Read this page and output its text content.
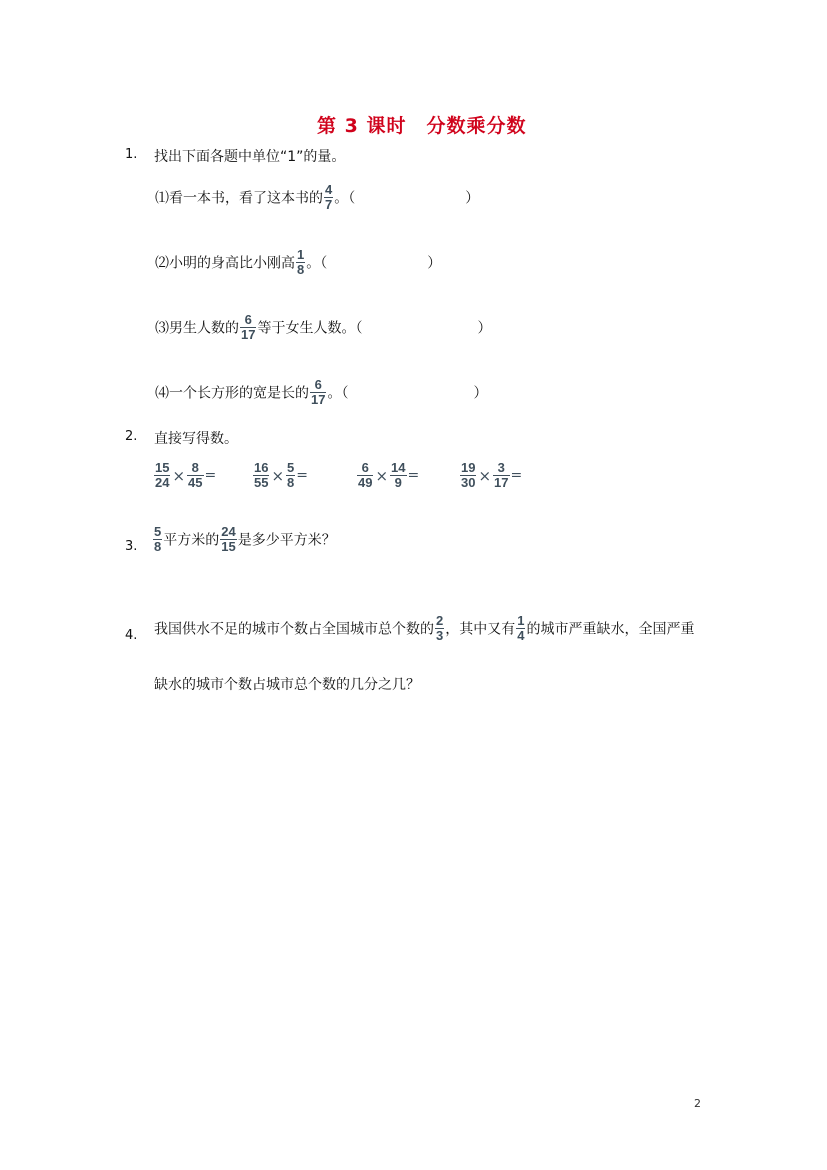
第 3 课时　分数乘分数
1. 找出下面各题中单位“1”的量。
⑴看一本书，看了这本书的 $\frac{4}{7}$ 。（	）
⑵小明的身高比小刚高 $\frac{1}{8}$ 。（	）
⑶男生人数的 $\frac{6}{17}$ 等于女生人数。（	）
⑷一个长方形的宽是长的 $\frac{6}{17}$ 。（	）
2. 直接写得数。
$\frac{15}{24} \times \frac{8}{45}$ =	$\frac{16}{55} \times \frac{5}{8}$ =	$\frac{6}{49} \times \frac{14}{9}$ =	$\frac{19}{30} \times \frac{3}{17}$ =
3. $\frac{5}{8}$ 平方米的 $\frac{24}{15}$ 是多少平方米？
4. 我国供水不足的城市个数占全国城市总个数的 $\frac{2}{3}$ ，其中又有 $\frac{1}{4}$ 的城市严重缺水，全国严重
缺水的城市个数占城市总个数的几分之几？
2
